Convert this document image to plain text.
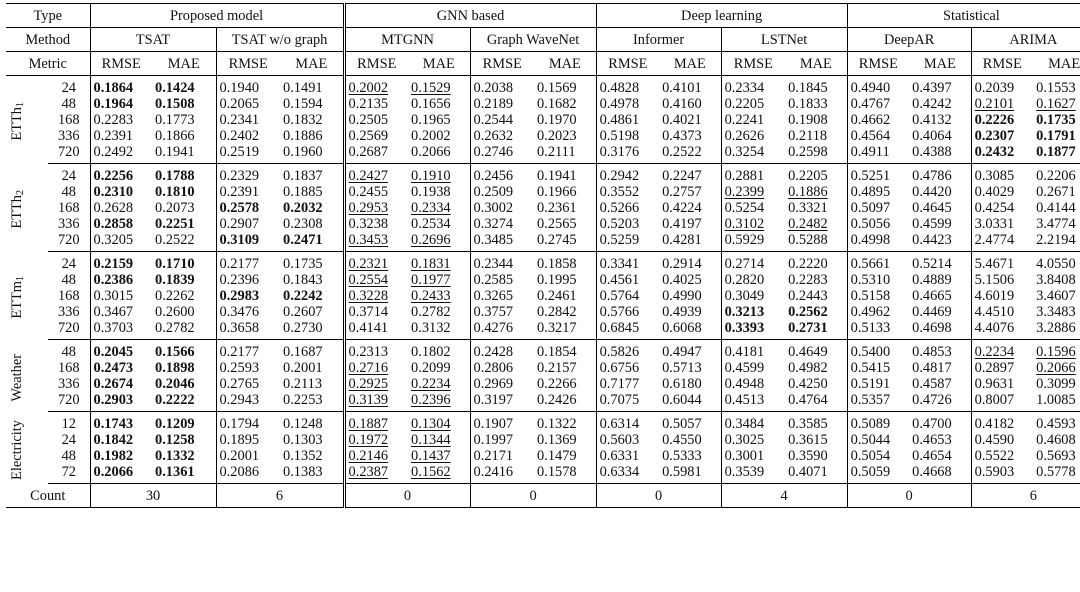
Type		Proposed model				GNN based				Deep learning				Statistical			
Method		TSAT		TSAT w/o graph		MTGNN		Graph WaveNet		Informer		LSTNet		DeepAR		ARIMA	
Metric		RMSE	MAE	RMSE	MAE	RMSE	MAE	RMSE	MAE	RMSE	MAE	RMSE	MAE	RMSE	MAE	RMSE	MAE

ETTh$_1$	24	0.1864	0.1424	0.1940	0.1491	0.2002	0.1529	0.2038	0.1569	0.4828	0.4101	0.2334	0.1845	0.4940	0.4397	0.2039	0.1553
	48	0.1964	0.1508	0.2065	0.1594	0.2135	0.1656	0.2189	0.1682	0.4978	0.4160	0.2205	0.1833	0.4767	0.4242	0.2101	0.1627
	168	0.2283	0.1773	0.2341	0.1832	0.2505	0.1965	0.2544	0.1970	0.4861	0.4021	0.2241	0.1908	0.4662	0.4132	0.2226	0.1735
	336	0.2391	0.1866	0.2402	0.1886	0.2569	0.2002	0.2632	0.2023	0.5198	0.4373	0.2626	0.2118	0.4564	0.4064	0.2307	0.1791
	720	0.2492	0.1941	0.2519	0.1960	0.2687	0.2066	0.2746	0.2111	0.3176	0.2522	0.3254	0.2598	0.4911	0.4388	0.2432	0.1877

ETTh$_2$	24	0.2256	0.1788	0.2329	0.1837	0.2427	0.1910	0.2456	0.1941	0.2942	0.2247	0.2881	0.2205	0.5251	0.4786	0.3085	0.2206
	48	0.2310	0.1810	0.2391	0.1885	0.2455	0.1938	0.2509	0.1966	0.3552	0.2757	0.2399	0.1886	0.4895	0.4420	0.4029	0.2671
	168	0.2628	0.2073	0.2578	0.2032	0.2953	0.2334	0.3002	0.2361	0.5266	0.4224	0.5254	0.3321	0.5097	0.4645	0.4254	0.4144
	336	0.2858	0.2251	0.2907	0.2308	0.3238	0.2534	0.3274	0.2565	0.5203	0.4197	0.3102	0.2482	0.5056	0.4599	3.0331	3.4774
	720	0.3205	0.2522	0.3109	0.2471	0.3453	0.2696	0.3485	0.2745	0.5259	0.4281	0.5929	0.5288	0.4998	0.4423	2.4774	2.2194

ETTm$_1$	24	0.2159	0.1710	0.2177	0.1735	0.2321	0.1831	0.2344	0.1858	0.3341	0.2914	0.2714	0.2220	0.5661	0.5214	5.4671	4.0550
	48	0.2386	0.1839	0.2396	0.1843	0.2554	0.1977	0.2585	0.1995	0.4561	0.4025	0.2820	0.2283	0.5310	0.4889	5.1506	3.8408
	168	0.3015	0.2262	0.2983	0.2242	0.3228	0.2433	0.3265	0.2461	0.5764	0.4990	0.3049	0.2443	0.5158	0.4665	4.6019	3.4607
	336	0.3467	0.2600	0.3476	0.2607	0.3714	0.2782	0.3757	0.2842	0.5766	0.4939	0.3213	0.2562	0.4962	0.4469	4.4510	3.3483
	720	0.3703	0.2782	0.3658	0.2730	0.4141	0.3132	0.4276	0.3217	0.6845	0.6068	0.3393	0.2731	0.5133	0.4698	4.4076	3.2886

Weather	48	0.2045	0.1566	0.2177	0.1687	0.2313	0.1802	0.2428	0.1854	0.5826	0.4947	0.4181	0.4649	0.5400	0.4853	0.2234	0.1596
	168	0.2473	0.1898	0.2593	0.2001	0.2716	0.2099	0.2806	0.2157	0.6756	0.5713	0.4599	0.4982	0.5415	0.4817	0.2897	0.2066
	336	0.2674	0.2046	0.2765	0.2113	0.2925	0.2234	0.2969	0.2266	0.7177	0.6180	0.4948	0.4250	0.5191	0.4587	0.9631	0.3099
	720	0.2903	0.2222	0.2943	0.2253	0.3139	0.2396	0.3197	0.2426	0.7075	0.6044	0.4513	0.4764	0.5357	0.4726	0.8007	1.0085

Electricity	12	0.1743	0.1209	0.1794	0.1248	0.1887	0.1304	0.1907	0.1322	0.6314	0.5057	0.3484	0.3585	0.5089	0.4700	0.4182	0.4593
	24	0.1842	0.1258	0.1895	0.1303	0.1972	0.1344	0.1997	0.1369	0.5603	0.4550	0.3025	0.3615	0.5044	0.4653	0.4590	0.4608
	48	0.1982	0.1332	0.2001	0.1352	0.2146	0.1437	0.2171	0.1479	0.6331	0.5333	0.3001	0.3590	0.5054	0.4654	0.5522	0.5693
	72	0.2066	0.1361	0.2086	0.1383	0.2387	0.1562	0.2416	0.1578	0.6334	0.5981	0.3539	0.4071	0.5059	0.4668	0.5903	0.5778
Count		30		6		0		0		0		4		0		6	
